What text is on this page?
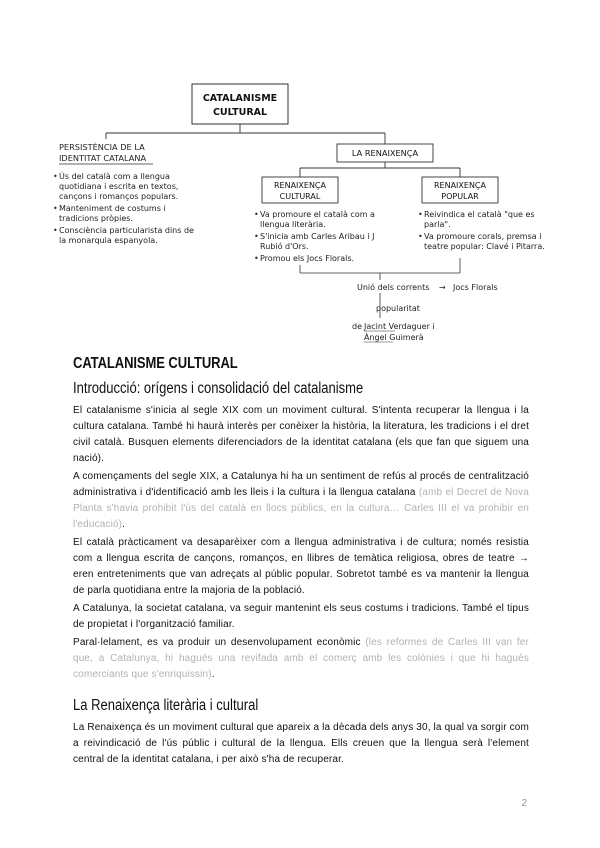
CATALANISME
CULTURAL
PERSISTÈNCIA DE LA
IDENTITAT CATALANA
• Ús del català com a llengua
quotidiana i escrita en textos,
cançons i romanços populars.
• Manteniment de costums i
tradicions pròpies.
• Consciència particularista dins de
la monarquia espanyola.
LA RENAIXENÇA
RENAIXENÇA
CULTURAL
RENAIXENÇA
POPULAR
• Va promoure el català com a
llengua literària.
• S'inicia amb Carles Aribau i J
Rubió d'Ors.
• Promou els Jocs Florals.
• Reivindica el català "que es
parla".
• Va promoure corals, premsa i
teatre popular: Clavé i Pitarra.
Unió dels corrents → Jocs Florals
popularitat
de Jacint Verdaguer i
Àngel Guimerà
CATALANISME CULTURAL
Introducció: orígens i consolidació del catalanisme

El catalanisme s'inicia al segle XIX com un moviment cultural. S'intenta recuperar la llengua i la cultura catalana. També hi haurà interès per conèixer la història, la literatura, les tradicions i el dret civil català. Busquen elements diferenciadors de la identitat catalana (els que fan que siguem una nació).

A començaments del segle XIX, a Catalunya hi ha un sentiment de refús al procés de centralització administrativa i d'identificació amb les lleis i la cultura i la llengua catalana (amb el Decret de Nova Planta s'havia prohibit l'ús del català en llocs públics, en la cultura… Carles III el va prohibir en l'educació).

El català pràcticament va desaparèixer com a llengua administrativa i de cultura; només resistia com a llengua escrita de cançons, romanços, en llibres de temàtica religiosa, obres de teatre → eren entreteniments que van adreçats al públic popular. Sobretot també es va mantenir la llengua de parla quotidiana entre la majoria de la població.

A Catalunya, la societat catalana, va seguir mantenint els seus costums i tradicions. També el tipus de propietat i l'organització familiar.

Paral·lelament, es va produir un desenvolupament econòmic (les reformes de Carles III van fer que, a Catalunya, hi hagués una revifada amb el comerç amb les colònies i que hi hagués comerciants que s'enriquissin).

La Renaixença literària i cultural

La Renaixença és un moviment cultural que apareix a la dècada dels anys 30, la qual va sorgir com a reivindicació de l'ús públic i cultural de la llengua. Ells creuen que la llengua serà l'element central de la identitat catalana, i per això s'ha de recuperar.

2
